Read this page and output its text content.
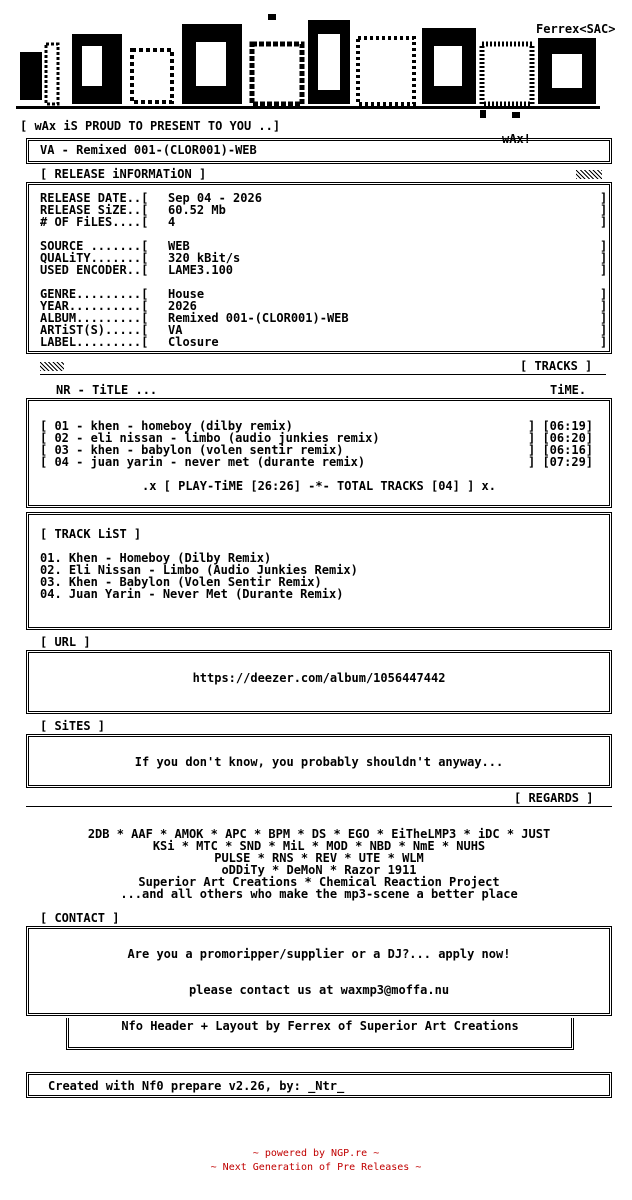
Ferrex<SAC>
[ wAx iS PROUD TO PRESENT TO YOU ..]
wAx!
VA - Remixed 001-(CLOR001)-WEB
[ RELEASE iNFORMATiON ]
RELEASE DATE..[ Sep 04 - 2026	]
RELEASE SiZE..[ 60.52 Mb	]
# OF FiLES....[ 4	]
SOURCE .......[ WEB	]
QUALiTY.......[ 320 kBit/s	]
USED ENCODER..[ LAME3.100	]
GENRE.........[ House	]
YEAR..........[ 2026	]
ALBUM.........[ Remixed 001-(CLOR001)-WEB	]
ARTiST(S).....[ VA	]
LABEL.........[ Closure	]
[ TRACKS ]
NR - TiTLE ...	TiME.
[ 01 - khen - homeboy (dilby remix)	] [06:19]
[ 02 - eli nissan - limbo (audio junkies remix)	] [06:20]
[ 03 - khen - babylon (volen sentir remix)	] [06:16]
[ 04 - juan yarin - never met (durante remix)	] [07:29]
.x [ PLAY-TiME [26:26] -*- TOTAL TRACKS [04] ] x.
[ TRACK LiST ]
01. Khen - Homeboy (Dilby Remix)
02. Eli Nissan - Limbo (Audio Junkies Remix)
03. Khen - Babylon (Volen Sentir Remix)
04. Juan Yarin - Never Met (Durante Remix)
[ URL ]
https://deezer.com/album/1056447442
[ SiTES ]
If you don't know, you probably shouldn't anyway...
[ REGARDS ]
2DB * AAF * AMOK * APC * BPM * DS * EGO * EiTheLMP3 * iDC * JUST
KSi * MTC * SND * MiL * MOD * NBD * NmE * NUHS
PULSE * RNS * REV * UTE * WLM
oDDiTy * DeMoN * Razor 1911
Superior Art Creations * Chemical Reaction Project
...and all others who make the mp3-scene a better place
[ CONTACT ]
Are you a promoripper/supplier or a DJ?... apply now!
please contact us at waxmp3@moffa.nu
Nfo Header + Layout by Ferrex of Superior Art Creations
Created with Nf0 prepare v2.26, by: _Ntr_
~ powered by NGP.re ~
~ Next Generation of Pre Releases ~
